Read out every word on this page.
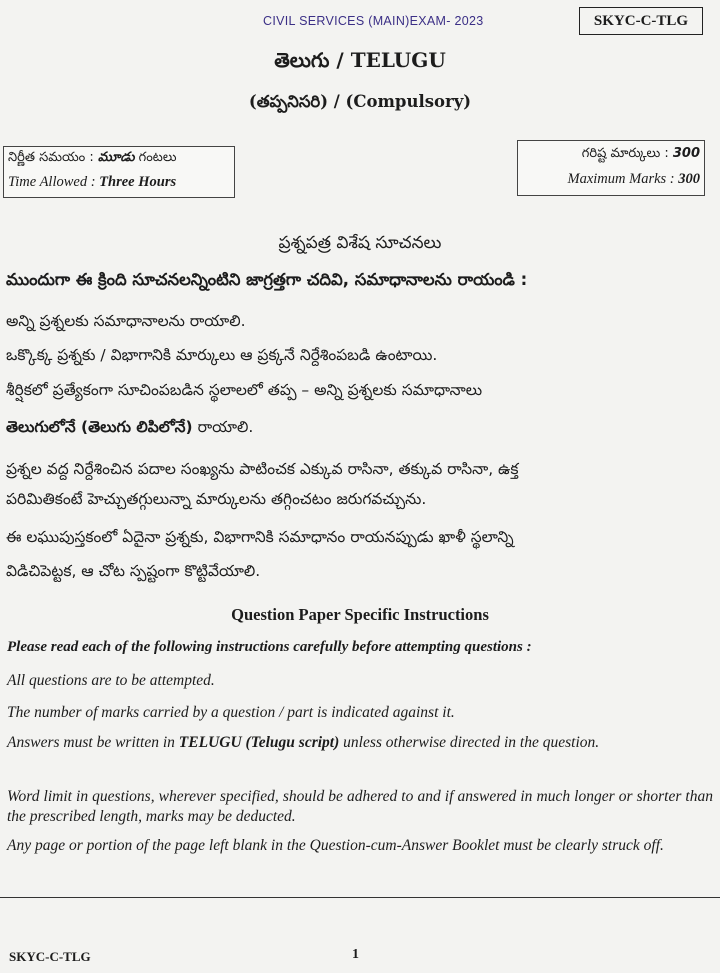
CIVIL SERVICES (MAIN)EXAM- 2023	SKYC-C-TLG
తెలుగు / TELUGU
(తప్పనిసరి) / (Compulsory)
నిర్ణీత సమయం : మూడు గంటలు
Time Allowed : Three Hours
గరిష్ట మార్కులు : 300
Maximum Marks : 300
ప్రశ్నపత్ర విశేష సూచనలు
ముందుగా ఈ క్రింది సూచనలన్నింటిని జాగ్రత్తగా చదివి, సమాధానాలను రాయండి :
అన్ని ప్రశ్నలకు సమాధానాలను రాయాలి.
ఒక్కొక్క ప్రశ్నకు / విభాగానికి మార్కులు ఆ ప్రక్కనే నిర్దేశింపబడి ఉంటాయి.
శీర్షికలో ప్రత్యేకంగా సూచింపబడిన స్థలాలలో తప్ప – అన్ని ప్రశ్నలకు సమాధానాలు
తెలుగులోనే (తెలుగు లిపిలోనే) రాయాలి.
ప్రశ్నల వద్ద నిర్దేశించిన పదాల సంఖ్యను పాటించక ఎక్కువ రాసినా, తక్కువ రాసినా, ఉక్త
పరిమితికంటే హెచ్చుతగ్గులున్నా మార్కులను తగ్గించటం జరుగవచ్చును.
ఈ లఘుపుస్తకంలో ఏదైనా ప్రశ్నకు, విభాగానికి సమాధానం రాయనప్పుడు ఖాళీ స్థలాన్ని
విడిచిపెట్టక, ఆ చోట స్పష్టంగా కొట్టివేయాలి.
Question Paper Specific Instructions
Please read each of the following instructions carefully before attempting questions :
All questions are to be attempted.
The number of marks carried by a question / part is indicated against it.
Answers must be written in TELUGU (Telugu script) unless otherwise directed in the question.
Word limit in questions, wherever specified, should be adhered to and if answered in much longer or shorter than the prescribed length, marks may be deducted.
Any page or portion of the page left blank in the Question-cum-Answer Booklet must be clearly struck off.
SKYC-C-TLG	1
